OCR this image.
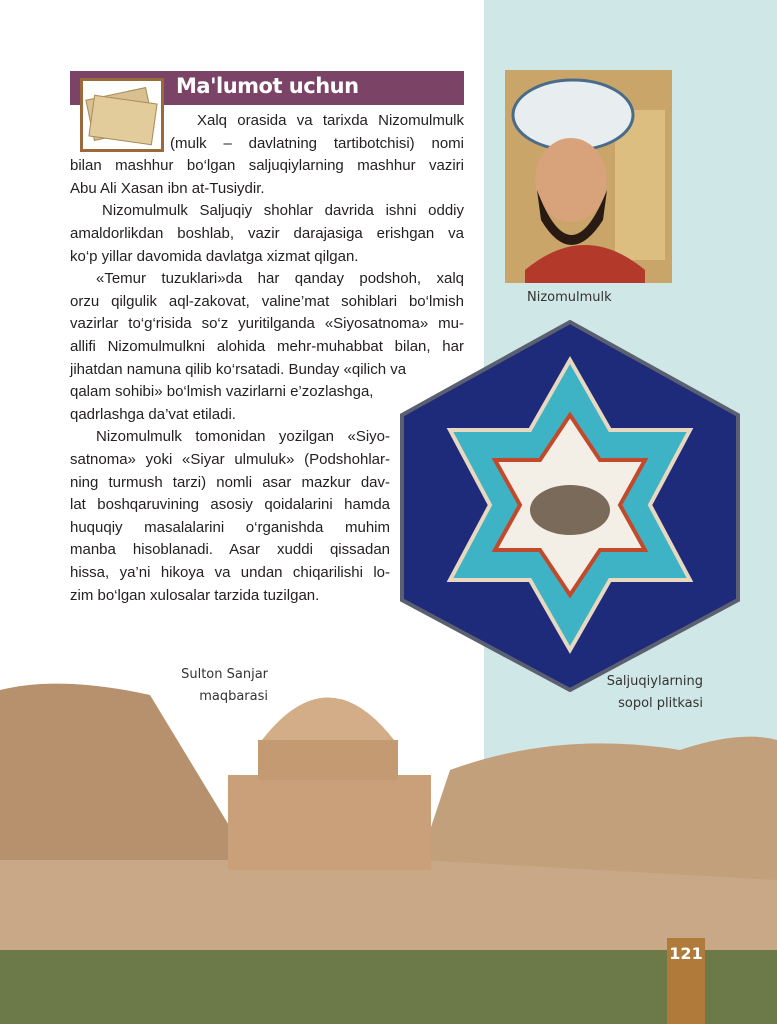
Ma'lumot uchun
Xalq orasida va tarixda Nizomulmulk
(mulk – davlatning tartibotchisi) nomi
bilan mashhur bo‘lgan saljuqiylarning mashhur vaziri
Abu Ali Xasan ibn at-Tusiydir.
Nizomulmulk Saljuqiy shohlar davrida ishni oddiy
amaldorlikdan boshlab, vazir darajasiga erishgan va
ko‘p yillar davomida davlatga xizmat qilgan.
«Temur tuzuklari»da har qanday podshoh, xalq
orzu qilgulik aql-zakovat, valine’mat sohiblari bo‘lmish
vazirlar to‘g‘risida so‘z yuritilganda «Siyosatnoma» mu-
allifi Nizomulmulkni alohida mehr-muhabbat bilan, har
jihatdan namuna qilib ko‘rsatadi. Bunday «qilich va
qalam sohibi» bo‘lmish vazirlarni e’zozlashga,
qadrlashga da’vat etiladi.
Nizomulmulk tomonidan yozilgan «Siyo-
satnoma» yoki «Siyar ulmuluk» (Podshohlar-
ning turmush tarzi) nomli asar mazkur dav-
lat boshqaruvining asosiy qoidalarini hamda
huquqiy masalalarini o‘rganishda muhim
manba hisoblanadi. Asar xuddi qissadan
hissa, ya’ni hikoya va undan chiqarilishi lo-
zim bo‘lgan xulosalar tarzida tuzilgan.
Nizomulmulk
Sulton Sanjar
maqbarasi
Saljuqiylarning
sopol plitkasi
121
